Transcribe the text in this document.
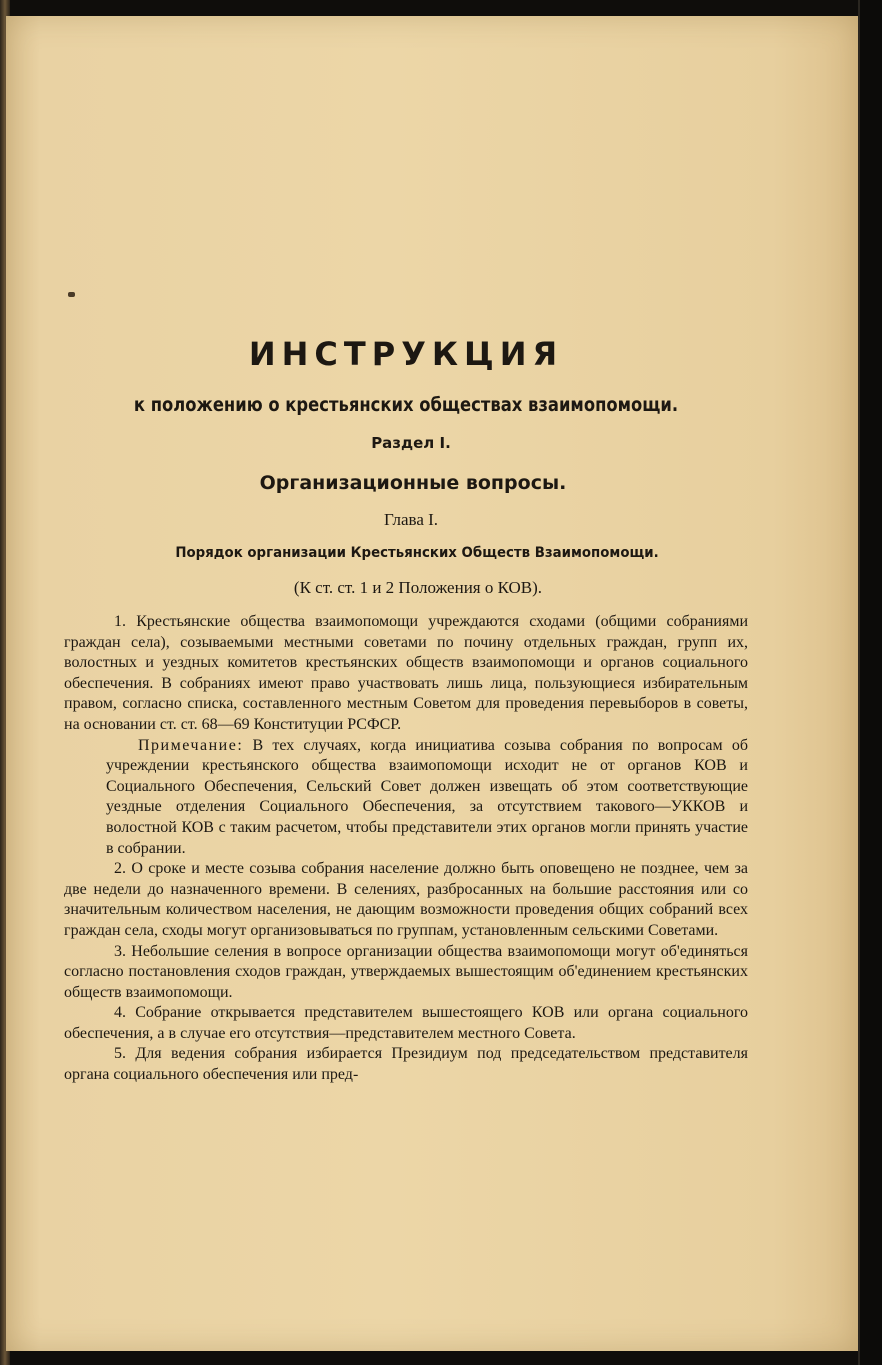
ИНСТРУКЦИЯ
к положению о крестьянских обществах взаимопомощи.
Раздел I.
Организационные вопросы.
Глава I.
Порядок организации Крестьянских Обществ Взаимопомощи.
(К ст. ст. 1 и 2 Положения о КОВ).

1. Крестьянские общества взаимопомощи учреждаются сходами (общими собраниями граждан села), созываемыми местными советами по почину отдельных граждан, групп их, волостных и уездных комитетов крестьянских обществ взаимопомощи и органов социального обеспечения. В собраниях имеют право участвовать лишь лица, пользующиеся избирательным правом, согласно списка, составленного местным Советом для проведения перевыборов в советы, на основании ст. ст. 68—69 Конституции РСФСР.

Примечание: В тех случаях, когда инициатива созыва собрания по вопросам об учреждении крестьянского общества взаимопомощи исходит не от органов КОВ и Социального Обеспечения, Сельский Совет должен извещать об этом соответствующие уездные отделения Социального Обеспечения, за отсутствием такового—УККОВ и волостной КОВ с таким расчетом, чтобы представители этих органов могли принять участие в собрании.

2. О сроке и месте созыва собрания население должно быть оповещено не позднее, чем за две недели до назначенного времени. В селениях, разбросанных на большие расстояния или со значительным количеством населения, не дающим возможности проведения общих собраний всех граждан села, сходы могут организовываться по группам, установленным сельскими Советами.

3. Небольшие селения в вопросе организации общества взаимопомощи могут об'единяться согласно постановления сходов граждан, утверждаемых вышестоящим об'единением крестьянских обществ взаимопомощи.

4. Собрание открывается представителем вышестоящего КОВ или органа социального обеспечения, а в случае его отсутствия—представителем местного Совета.

5. Для ведения собрания избирается Президиум под председательством представителя органа социального обеспечения или пред-
